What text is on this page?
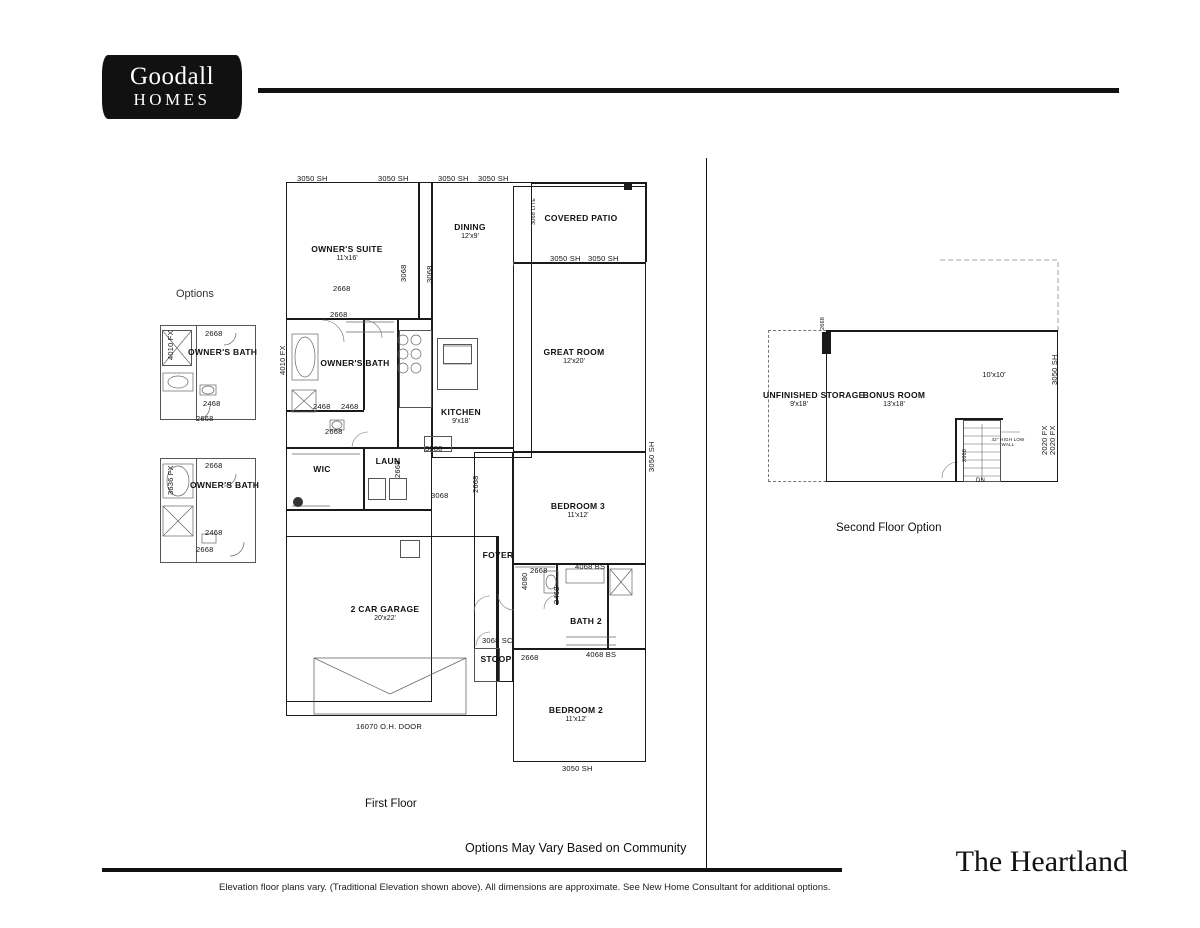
Goodall
HOMES
Options
OWNER'S BATH
2668
2468
2668
4010 FX
OWNER'S BATH
2668
2468
2668
3636 FX
OWNER'S SUITE
11'x16'
DINING
12'x9'
COVERED PATIO
GREAT ROOM
12'x20'
OWNER'S BATH
KITCHEN
9'x18'
WIC
LAUN
BEDROOM 3
11'x12'
FOYER
BATH 2
STOOP
2 CAR GARAGE
20'x22'
BEDROOM 2
11'x12'
3050 SH	3050 SH	3050 SH 3050 SH
3050 SH 3050 SH
3050 SH
3050 SH
4010 FX
3068 LITE
3068
4080
2668
2668
3068
2468 2468
2668
3080
2668
3068
2668
2668	4068 BS
2468
2668	4068 BS
3068 SC
16070 O.H. DOOR
First Floor
UNFINISHED STORAGE
9'x18'
BONUS ROOM
13'x18'
10'x10'	3050 SH
2020 FX
2020 FX
2668
2668
DN
42" HIGH LOW WALL
Second Floor Option
Options May Vary Based on Community	The Heartland
Elevation floor plans vary. (Traditional Elevation shown above). All dimensions are approximate. See New Home Consultant for additional options.
